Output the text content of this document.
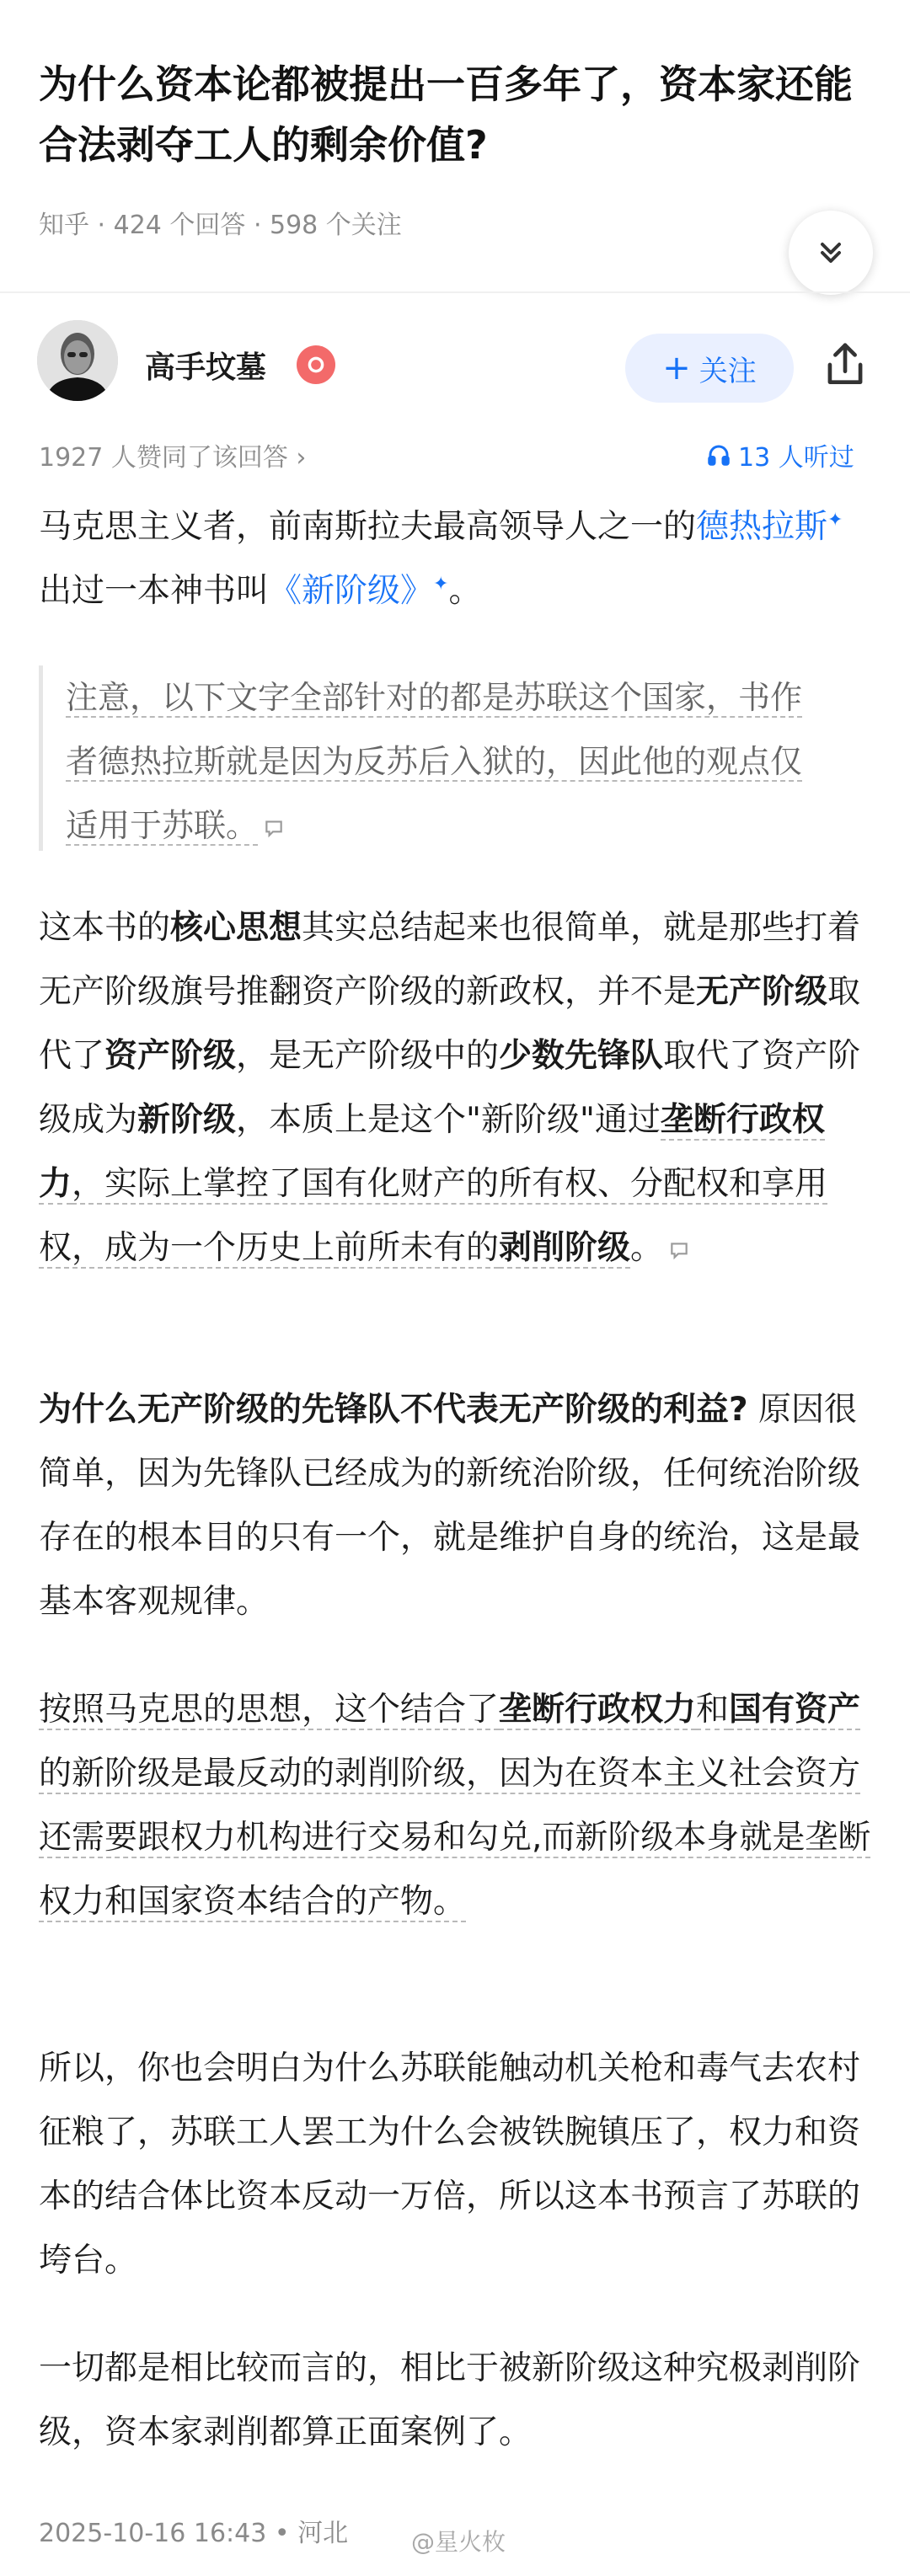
为什么资本论都被提出一百多年了，资本家还能合法剥夺工人的剩余价值?
知乎 · 424 个回答 · 598 个关注
高手坟墓	+ 关注
1927 人赞同了该回答 ›	13 人听过
马克思主义者，前南斯拉夫最高领导人之一的德热拉斯✦出过一本神书叫《新阶级》✦。
注意，以下文字全部针对的都是苏联这个国家，书作者德热拉斯就是因为反苏后入狱的，因此他的观点仅适用于苏联。
这本书的核心思想其实总结起来也很简单，就是那些打着无产阶级旗号推翻资产阶级的新政权，并不是无产阶级取代了资产阶级，是无产阶级中的少数先锋队取代了资产阶级成为新阶级，本质上是这个"新阶级"通过垄断行政权力，实际上掌控了国有化财产的所有权、分配权和享用权，成为一个历史上前所未有的剥削阶级。
为什么无产阶级的先锋队不代表无产阶级的利益? 原因很简单，因为先锋队已经成为的新统治阶级，任何统治阶级存在的根本目的只有一个，就是维护自身的统治，这是最基本客观规律。
按照马克思的思想，这个结合了垄断行政权力和国有资产的新阶级是最反动的剥削阶级，因为在资本主义社会资方还需要跟权力机构进行交易和勾兑,而新阶级本身就是垄断权力和国家资本结合的产物。
所以，你也会明白为什么苏联能触动机关枪和毒气去农村征粮了，苏联工人罢工为什么会被铁腕镇压了，权力和资本的结合体比资本反动一万倍，所以这本书预言了苏联的垮台。
一切都是相比较而言的，相比于被新阶级这种究极剥削阶级，资本家剥削都算正面案例了。
2025-10-16 16:43 • 河北	@星火枚
